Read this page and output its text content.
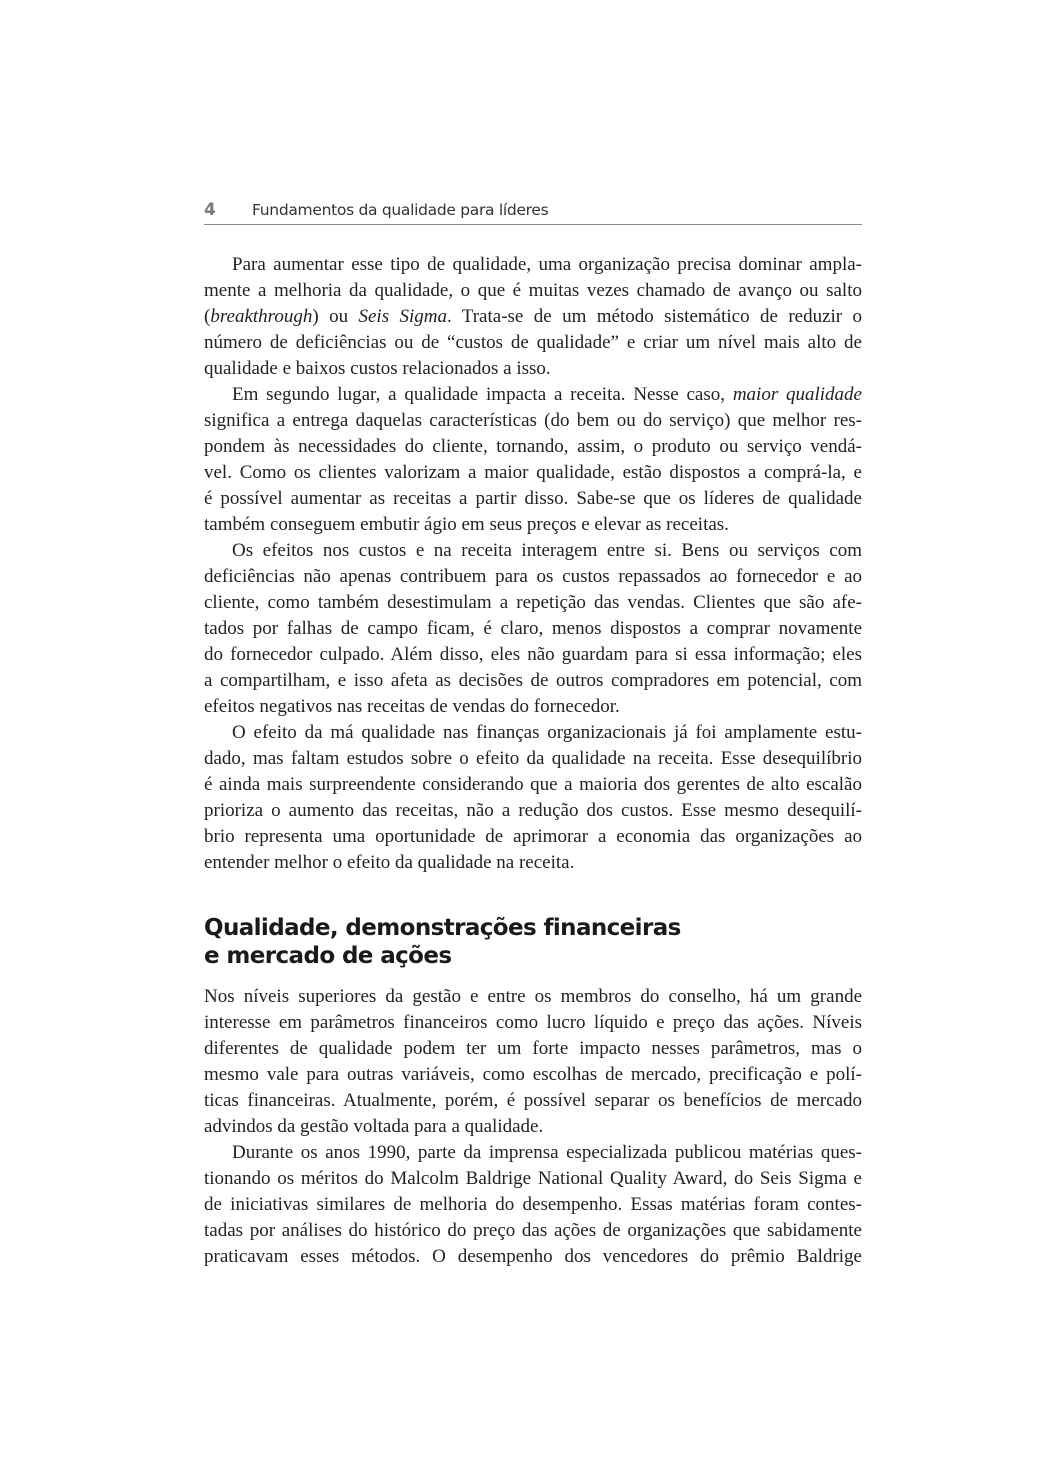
4 Fundamentos da qualidade para líderes
Para aumentar esse tipo de qualidade, uma organização precisa dominar ampla-
mente a melhoria da qualidade, o que é muitas vezes chamado de avanço ou salto
(breakthrough) ou Seis Sigma. Trata-se de um método sistemático de reduzir o
número de deficiências ou de “custos de qualidade” e criar um nível mais alto de
qualidade e baixos custos relacionados a isso.
Em segundo lugar, a qualidade impacta a receita. Nesse caso, maior qualidade
significa a entrega daquelas características (do bem ou do serviço) que melhor res-
pondem às necessidades do cliente, tornando, assim, o produto ou serviço vendá-
vel. Como os clientes valorizam a maior qualidade, estão dispostos a comprá-la, e
é possível aumentar as receitas a partir disso. Sabe-se que os líderes de qualidade
também conseguem embutir ágio em seus preços e elevar as receitas.
Os efeitos nos custos e na receita interagem entre si. Bens ou serviços com
deficiências não apenas contribuem para os custos repassados ao fornecedor e ao
cliente, como também desestimulam a repetição das vendas. Clientes que são afe-
tados por falhas de campo ficam, é claro, menos dispostos a comprar novamente
do fornecedor culpado. Além disso, eles não guardam para si essa informação; eles
a compartilham, e isso afeta as decisões de outros compradores em potencial, com
efeitos negativos nas receitas de vendas do fornecedor.
O efeito da má qualidade nas finanças organizacionais já foi amplamente estu-
dado, mas faltam estudos sobre o efeito da qualidade na receita. Esse desequilíbrio
é ainda mais surpreendente considerando que a maioria dos gerentes de alto escalão
prioriza o aumento das receitas, não a redução dos custos. Esse mesmo desequilí-
brio representa uma oportunidade de aprimorar a economia das organizações ao
entender melhor o efeito da qualidade na receita.
Qualidade, demonstrações financeiras
e mercado de ações
Nos níveis superiores da gestão e entre os membros do conselho, há um grande
interesse em parâmetros financeiros como lucro líquido e preço das ações. Níveis
diferentes de qualidade podem ter um forte impacto nesses parâmetros, mas o
mesmo vale para outras variáveis, como escolhas de mercado, precificação e polí-
ticas financeiras. Atualmente, porém, é possível separar os benefícios de mercado
advindos da gestão voltada para a qualidade.
Durante os anos 1990, parte da imprensa especializada publicou matérias ques-
tionando os méritos do Malcolm Baldrige National Quality Award, do Seis Sigma e
de iniciativas similares de melhoria do desempenho. Essas matérias foram contes-
tadas por análises do histórico do preço das ações de organizações que sabidamente
praticavam esses métodos. O desempenho dos vencedores do prêmio Baldrige
